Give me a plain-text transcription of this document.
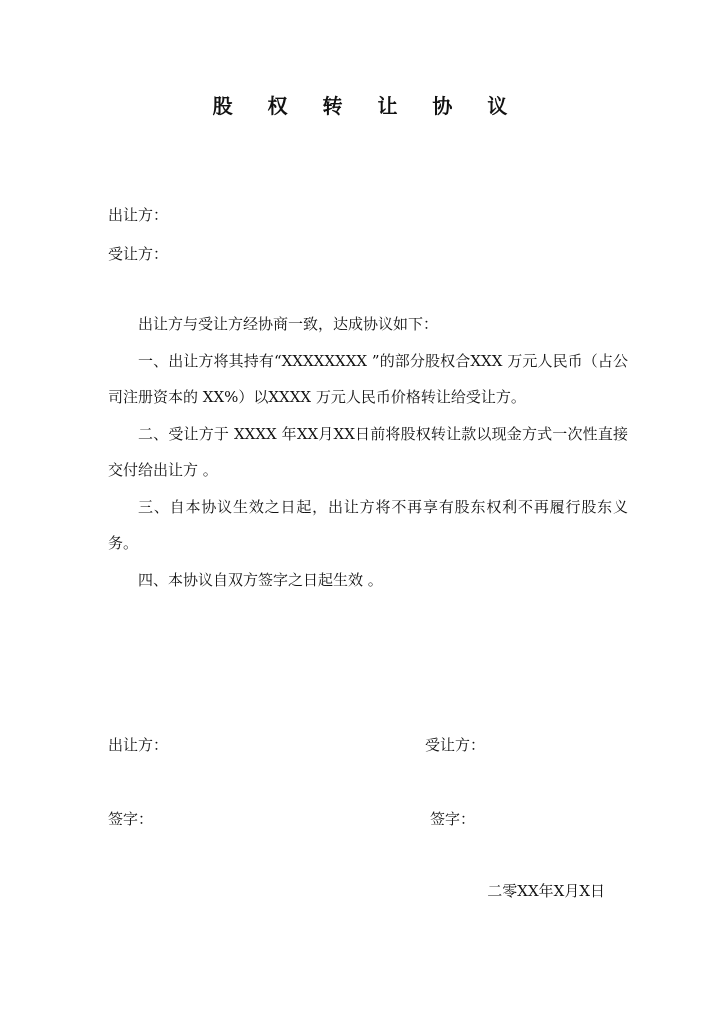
股 权 转 让 协 议
出让方：
受让方：

出让方与受让方经协商一致，达成协议如下：

一、出让方将其持有“XXXXXXXX ”的部分股权合XXX 万元人民币（占公司注册资本的 XX%）以XXXX 万元人民币价格转让给受让方。

二、受让方于 XXXX 年XX月XX日前将股权转让款以现金方式一次性直接交付给出让方 。

三、自本协议生效之日起，出让方将不再享有股东权利不再履行股东义务。

四、本协议自双方签字之日起生效 。

出让方：	受让方：
签字：	签字：
二零XX年X月X日
